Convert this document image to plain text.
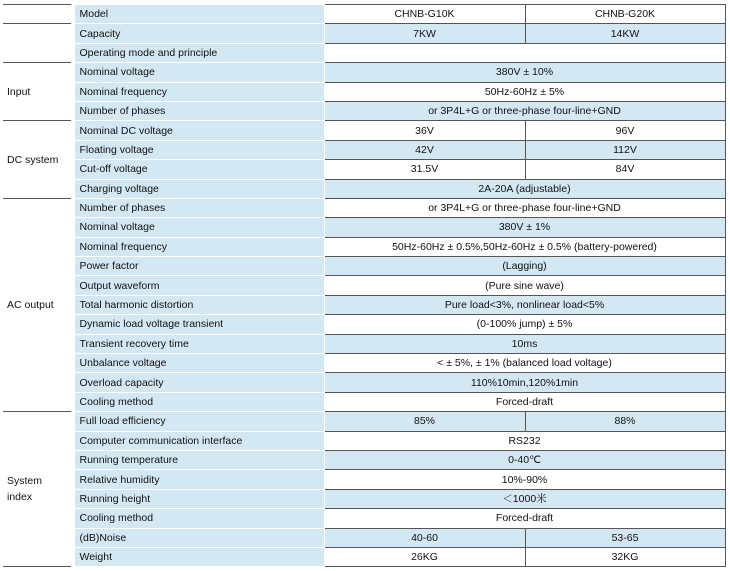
		Model	CHNB-G10K	CHNB-G20K
		Capacity	7KW	14KW
		Operating mode and principle		
Input		Nominal voltage	380V ± 10%	
		Nominal frequency	50Hz-60Hz ± 5%	
		Number of phases	or 3P4L+G or three-phase four-line+GND	
DC system		Nominal DC voltage	36V	96V
		Floating voltage	42V	112V
		Cut-off voltage	31.5V	84V
		Charging voltage	2A-20A (adjustable)	
AC output		Number of phases	or 3P4L+G or three-phase four-line+GND	
		Nominal voltage	380V ± 1%	
		Nominal frequency	50Hz-60Hz ± 0.5%,50Hz-60Hz ± 0.5% (battery-powered)	
		Power factor	(Lagging)	
		Output waveform	(Pure sine wave)	
		Total harmonic distortion	Pure load<3%, nonlinear load<5%	
		Dynamic load voltage transient	(0-100% jump) ± 5%	
		Transient recovery time	10ms	
		Unbalance voltage	< ± 5%, ± 1% (balanced load voltage)	
		Overload capacity	110%10min,120%1min	
		Cooling method	Forced-draft	
System
index		Full load efficiency	85%	88%
		Computer communication interface	RS232	
		Running temperature	0-40℃	
		Relative humidity	10%-90%	
		Running height	＜1000米	
		Cooling method	Forced-draft	
		(dB)Noise	40-60	53-65
		Weight	26KG	32KG
